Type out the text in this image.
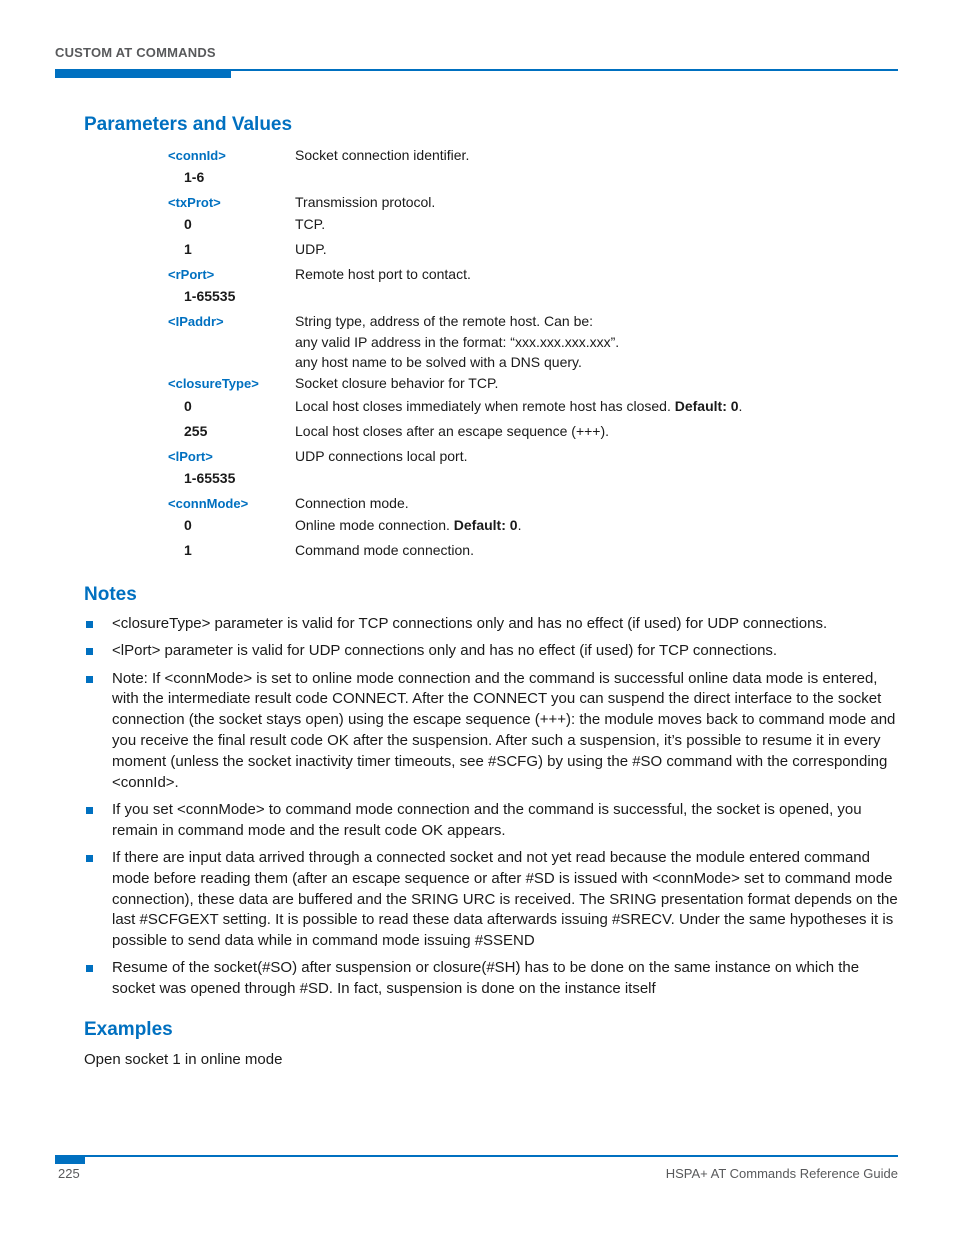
CUSTOM AT COMMANDS
Parameters and Values
<connId>	Socket connection identifier.
1-6
<txProt>	Transmission protocol.
0	TCP.
1	UDP.
<rPort>	Remote host port to contact.
1-65535
<IPaddr>	String type, address of the remote host. Can be:
any valid IP address in the format: “xxx.xxx.xxx.xxx”.
any host name to be solved with a DNS query.
<closureType>	Socket closure behavior for TCP.
0	Local host closes immediately when remote host has closed. Default: 0.
255	Local host closes after an escape sequence (+++).
<lPort>	UDP connections local port.
1-65535
<connMode>	Connection mode.
0	Online mode connection. Default: 0.
1	Command mode connection.
Notes
<closureType> parameter is valid for TCP connections only and has no effect (if used) for UDP connections.
<lPort> parameter is valid for UDP connections only and has no effect (if used) for TCP connections.
Note: If <connMode> is set to online mode connection and the command is successful online data mode is entered, with the intermediate result code CONNECT. After the CONNECT you can suspend the direct interface to the socket connection (the socket stays open) using the escape sequence (+++): the module moves back to command mode and you receive the final result code OK after the suspension. After such a suspension, it’s possible to resume it in every moment (unless the socket inactivity timer timeouts, see #SCFG) by using the #SO command with the corresponding <connId>.
If you set <connMode> to command mode connection and the command is successful, the socket is opened, you remain in command mode and the result code OK appears.
If there are input data arrived through a connected socket and not yet read because the module entered command mode before reading them (after an escape sequence or after #SD is issued with <connMode> set to command mode connection), these data are buffered and the SRING URC is received. The SRING presentation format depends on the last #SCFGEXT setting. It is possible to read these data afterwards issuing #SRECV. Under the same hypotheses it is possible to send data while in command mode issuing #SSEND
Resume of the socket(#SO) after suspension or closure(#SH) has to be done on the same instance on which the socket was opened through #SD. In fact, suspension is done on the instance itself
Examples
Open socket 1 in online mode
225	HSPA+ AT Commands Reference Guide
